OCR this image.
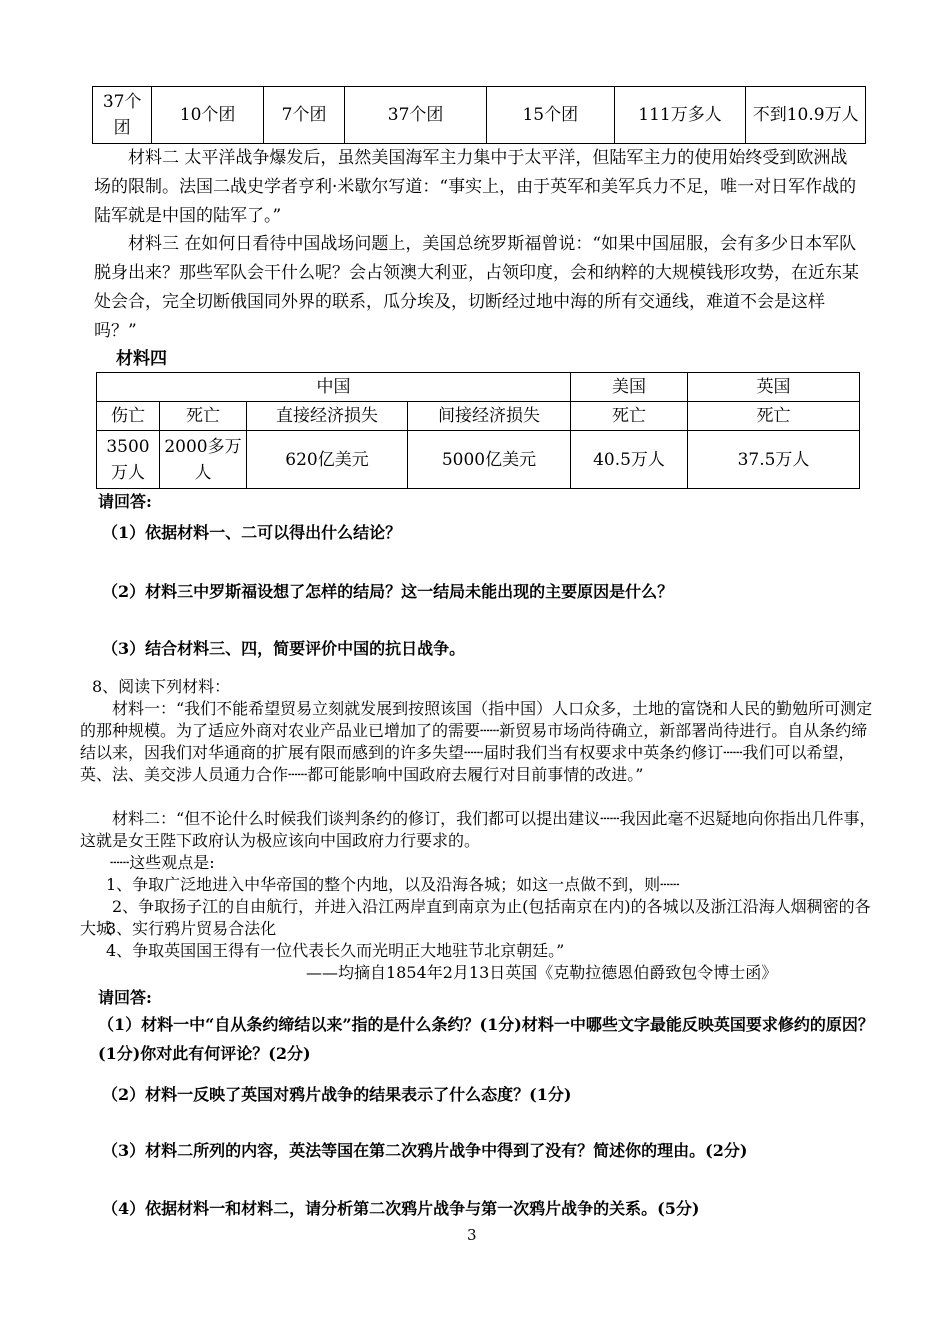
37个团	10个团	7个团	37个团	15个团	111万多人	不到10.9万人
材料二 太平洋战争爆发后，虽然美国海军主力集中于太平洋，但陆军主力的使用始终受到欧洲战场的限制。法国二战史学者亨利·米歇尔写道：“事实上，由于英军和美军兵力不足，唯一对日军作战的陆军就是中国的陆军了。”
材料三 在如何日看待中国战场问题上，美国总统罗斯福曾说：“如果中国屈服，会有多少日本军队脱身出来？那些军队会干什么呢？会占领澳大利亚，占领印度，会和纳粹的大规模钱形攻势，在近东某处会合，完全切断俄国同外界的联系，瓜分埃及，切断经过地中海的所有交通线，难道不会是这样吗？”
材料四
中国				美国	英国
伤亡	死亡	直接经济损失	间接经济损失	死亡	死亡
3500万人	2000多万人	620亿美元	5000亿美元	40.5万人	37.5万人
请回答:
（1）依据材料一、二可以得出什么结论？
（2）材料三中罗斯福设想了怎样的结局？这一结局未能出现的主要原因是什么？
（3）结合材料三、四，简要评价中国的抗日战争。
8、阅读下列材料：
材料一：“我们不能希望贸易立刻就发展到按照该国（指中国）人口众多，土地的富饶和人民的勤勉所可测定的那种规模。为了适应外商对农业产品业已增加了的需要┄┄新贸易市场尚待确立，新部署尚待进行。自从条约缔结以来，因我们对华通商的扩展有限而感到的许多失望┄┄届时我们当有权要求中英条约修订┄┄我们可以希望，英、法、美交涉人员通力合作┄┄都可能影响中国政府去履行对目前事情的改进。”
材料二：“但不论什么时候我们谈判条约的修订，我们都可以提出建议┄┄我因此毫不迟疑地向你指出几件事，这就是女王陛下政府认为极应该向中国政府力行要求的。
┄┄这些观点是:
1、争取广泛地进入中华帝国的整个内地，以及沿海各城；如这一点做不到，则┄┄
2、争取扬子江的自由航行，并进入沿江两岸直到南京为止(包括南京在内)的各城以及浙江沿海人烟稠密的各大城
3、实行鸦片贸易合法化
4、争取英国国王得有一位代表长久而光明正大地驻节北京朝廷。”
——均摘自1854年2月13日英国《克勒拉德恩伯爵致包令博士函》
请回答:
（1）材料一中“自从条约缔结以来”指的是什么条约？(1分)材料一中哪些文字最能反映英国要求修约的原因？(1分)你对此有何评论？(2分)
（2）材料一反映了英国对鸦片战争的结果表示了什么态度？(1分)
（3）材料二所列的内容，英法等国在第二次鸦片战争中得到了没有？简述你的理由。(2分)
（4）依据材料一和材料二，请分析第二次鸦片战争与第一次鸦片战争的关系。(5分)
3
